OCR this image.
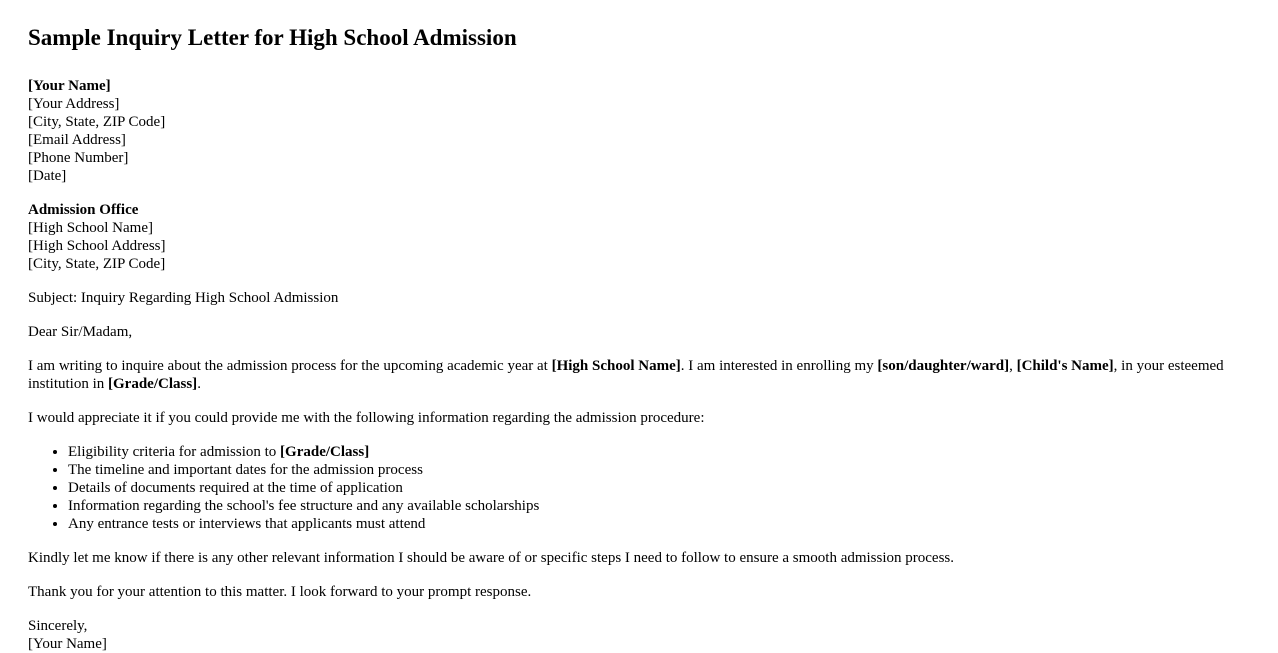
Sample Inquiry Letter for High School Admission
[Your Name]
[Your Address]
[City, State, ZIP Code]
[Email Address]
[Phone Number]
[Date]
Admission Office
[High School Name]
[High School Address]
[City, State, ZIP Code]

Subject: Inquiry Regarding High School Admission

Dear Sir/Madam,

I am writing to inquire about the admission process for the upcoming academic year at [High School Name]. I am interested in enrolling my [son/daughter/ward], [Child's Name], in your esteemed institution in [Grade/Class].

I would appreciate it if you could provide me with the following information regarding the admission procedure:

• Eligibility criteria for admission to [Grade/Class]
• The timeline and important dates for the admission process
• Details of documents required at the time of application
• Information regarding the school's fee structure and any available scholarships
• Any entrance tests or interviews that applicants must attend

Kindly let me know if there is any other relevant information I should be aware of or specific steps I need to follow to ensure a smooth admission process.

Thank you for your attention to this matter. I look forward to your prompt response.

Sincerely,
[Your Name]
